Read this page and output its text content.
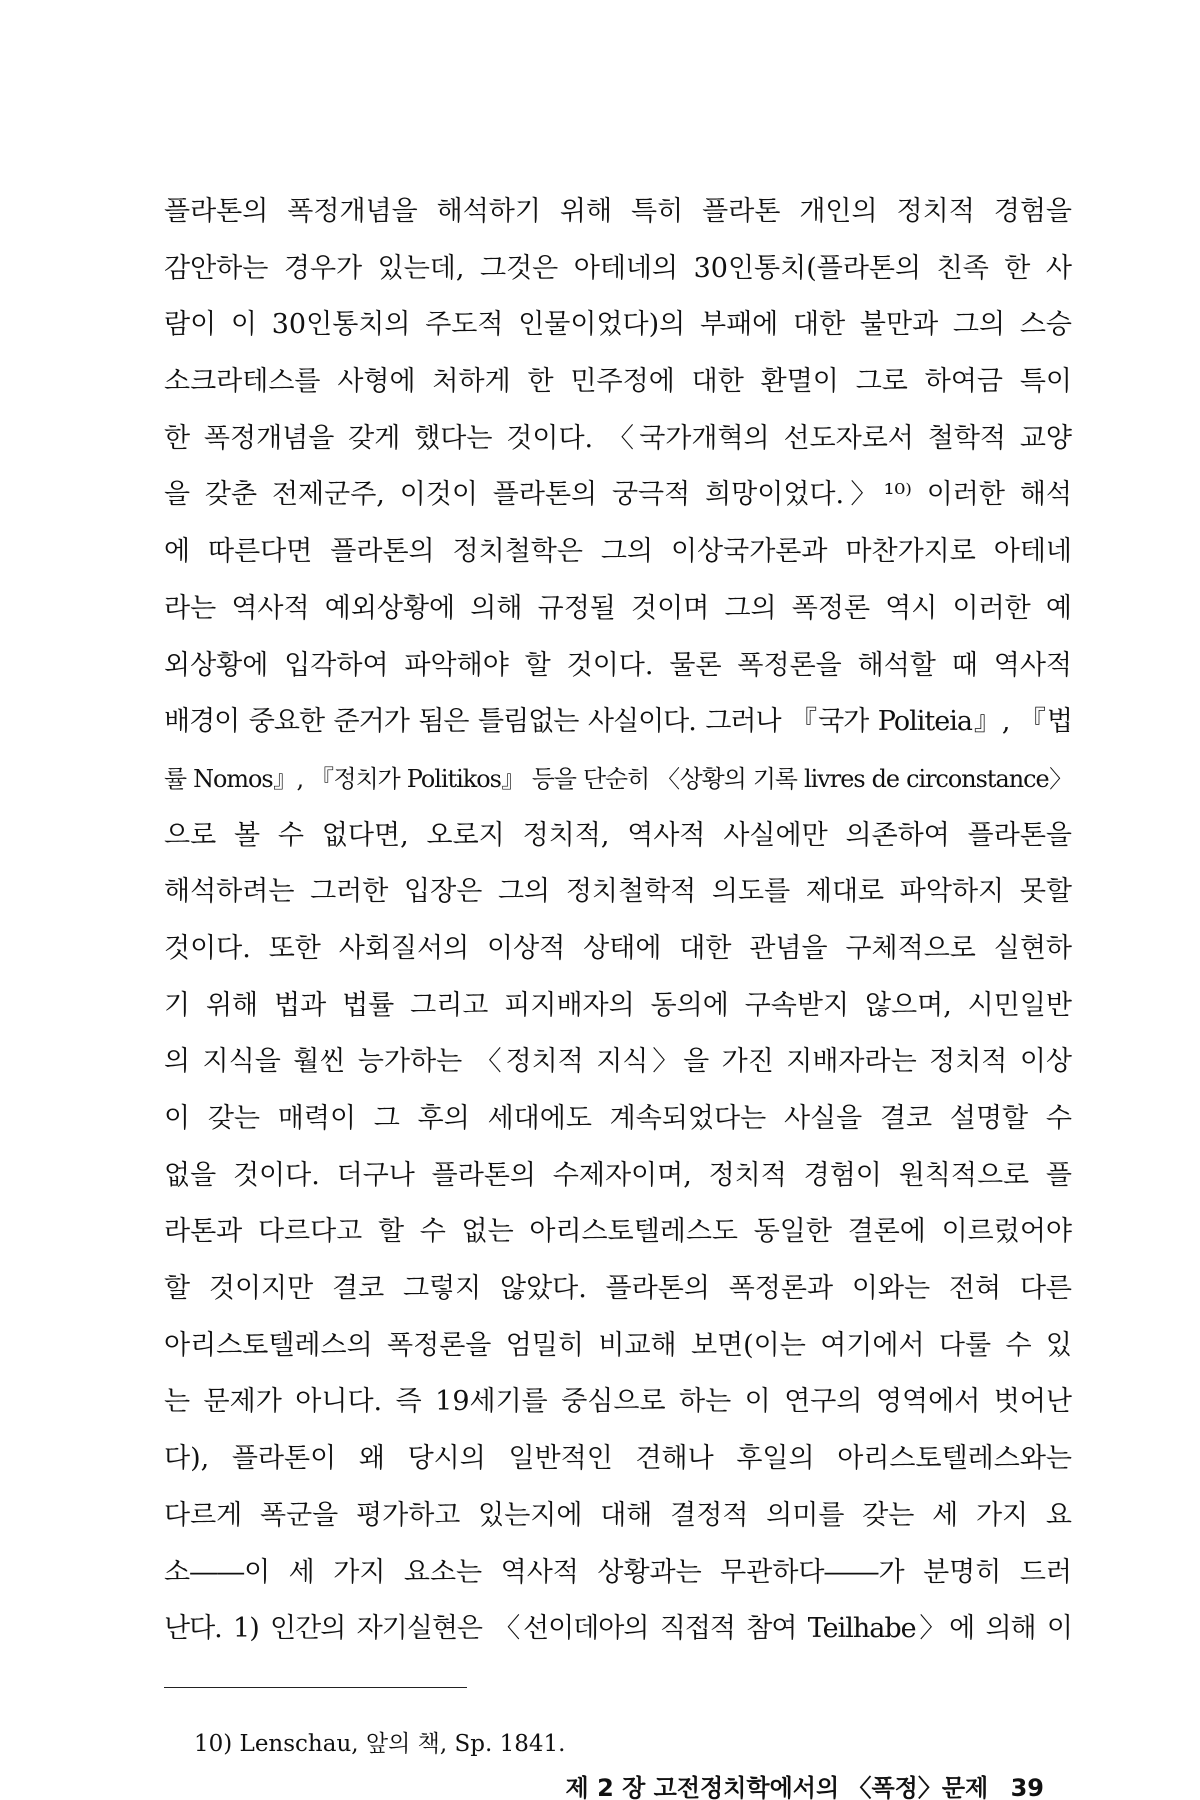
플라톤의 폭정개념을 해석하기 위해 특히 플라톤 개인의 정치적 경험을
감안하는 경우가 있는데, 그것은 아테네의 30인통치(플라톤의 친족 한 사
람이 이 30인통치의 주도적 인물이었다)의 부패에 대한 불만과 그의 스승
소크라테스를 사형에 처하게 한 민주정에 대한 환멸이 그로 하여금 특이
한 폭정개념을 갖게 했다는 것이다. 〈국가개혁의 선도자로서 철학적 교양
을 갖춘 전제군주, 이것이 플라톤의 궁극적 희망이었다.〉¹⁰⁾ 이러한 해석
에 따른다면 플라톤의 정치철학은 그의 이상국가론과 마찬가지로 아테네
라는 역사적 예외상황에 의해 규정될 것이며 그의 폭정론 역시 이러한 예
외상황에 입각하여 파악해야 할 것이다. 물론 폭정론을 해석할 때 역사적
배경이 중요한 준거가 됨은 틀림없는 사실이다. 그러나 『국가 Politeia』, 『법
률 Nomos』, 『정치가 Politikos』 등을 단순히 〈상황의 기록 livres de circonstance〉
으로 볼 수 없다면, 오로지 정치적, 역사적 사실에만 의존하여 플라톤을
해석하려는 그러한 입장은 그의 정치철학적 의도를 제대로 파악하지 못할
것이다. 또한 사회질서의 이상적 상태에 대한 관념을 구체적으로 실현하
기 위해 법과 법률 그리고 피지배자의 동의에 구속받지 않으며, 시민일반
의 지식을 훨씬 능가하는 〈정치적 지식〉을 가진 지배자라는 정치적 이상
이 갖는 매력이 그 후의 세대에도 계속되었다는 사실을 결코 설명할 수
없을 것이다. 더구나 플라톤의 수제자이며, 정치적 경험이 원칙적으로 플
라톤과 다르다고 할 수 없는 아리스토텔레스도 동일한 결론에 이르렀어야
할 것이지만 결코 그렇지 않았다. 플라톤의 폭정론과 이와는 전혀 다른
아리스토텔레스의 폭정론을 엄밀히 비교해 보면(이는 여기에서 다룰 수 있
는 문제가 아니다. 즉 19세기를 중심으로 하는 이 연구의 영역에서 벗어난
다), 플라톤이 왜 당시의 일반적인 견해나 후일의 아리스토텔레스와는
다르게 폭군을 평가하고 있는지에 대해 결정적 의미를 갖는 세 가지 요
소――이 세 가지 요소는 역사적 상황과는 무관하다――가 분명히 드러
난다. 1) 인간의 자기실현은 〈선이데아의 직접적 참여 Teilhabe〉에 의해 이
10) Lenschau, 앞의 책, Sp. 1841.
제 2 장 고전정치학에서의 〈폭정〉문제 39
